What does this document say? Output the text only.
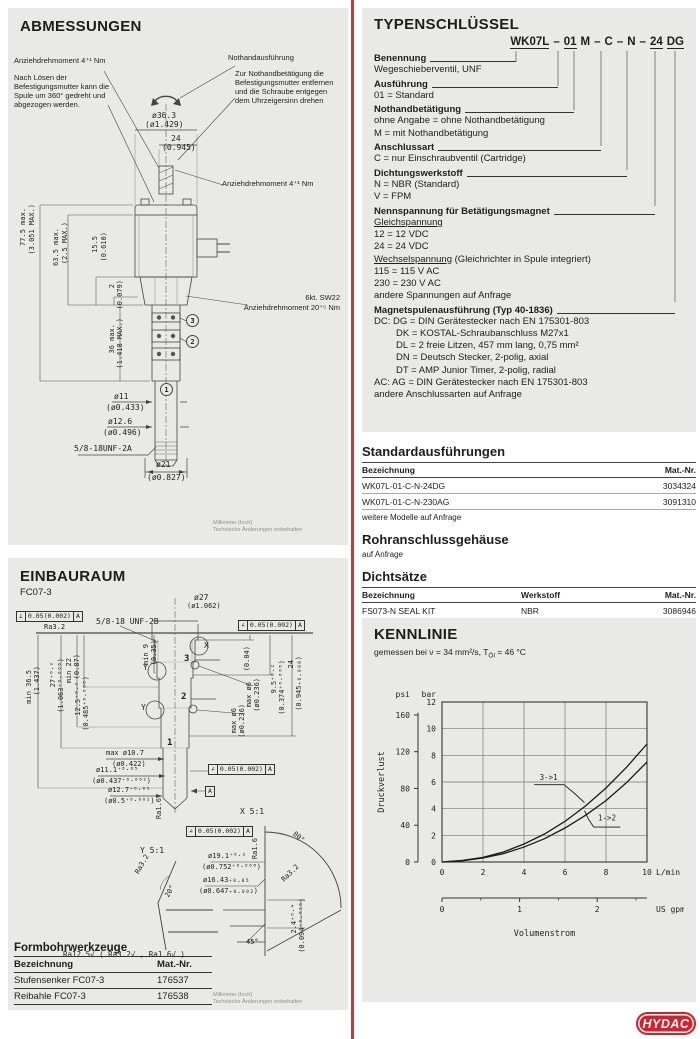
ABMESSUNGEN
Anziehdrehmoment 4⁺¹ Nm
Nach Lösen der Befestigungsmutter kann die Spule um 360° gedreht und abgezogen werden.
Nothandausführung
Zur Nothandbetätigung die Befestigungsmutter entfernen und die Schraube entgegen dem Uhrzeigersinn drehen
Anziehdrehmoment 4⁺¹ Nm
ø36.3
(ø1.429)
24
(0.945)
77.5 max. (3.051 MAX.) 63.5 max. (2.5 MAX.)	15.5 (0.610)
2 (0.079)
36 max. (1.418 MAX.)
6kt. SW22
Anziehdrehmoment 20⁺⁵ Nm
ø11
(ø0.433)
ø12.6
(ø0.496)
5/8-18UNF-2A
ø21
(ø0.827)
3
2
1
Millimeter (Inch)
Technische Änderungen vorbehalten
EINBAURAUM
FC07-3
⊥ 0.05(0.002) A
∠ 0.05(0.002) A
∠ 0.05(0.002) A
∠ 0.05(0.002) A
A
Ra3.2
5/8-18 UNF-2B
ø27
(ø1.062)
min 9 (0.35)
min 22 (0.87)
27⁺⁰·² (1.063⁺⁰·⁰⁰⁸)
min 36.5 (1.437)
12.5⁺⁰·² (0.485⁺⁰·⁰⁰⁸)
(0.04)
max ø6 (ø0.236)
max ø6 (ø0.236)
9.5⁺⁰·² (0.374⁺⁰·⁰⁰⁸) 24 (0.945₊₀.₀₀₈)
3
2
1
X
Y
Y
max ø10.7
(ø0.422)
ø11.1⁺⁰·⁰⁵
(ø0.437⁺⁰·⁰⁰²)
ø12.7⁺⁰·⁰⁵
(ø0.5⁺⁰·⁰⁰²) Ra1.6	X 5:1
Y 5:1
ø19.1⁺⁰·²
(ø0.752⁺⁰·⁰⁰⁸)
ø16.43₊₀.₀₅
(ø0.647₊₀.₀₀₂)
Ra1.6
80°
Ra3.2
45°
2.4⁺⁰·⁴ (0.094⁺⁰·⁰¹⁶)
Ra3.2
20°
Ra12.5√ ( Ra3.2√ , Ra1.6√ )
Formbohrwerkzeuge
Bezeichnung	Mat.-Nr.
Stufensenker FC07-3	176537
Reibahle FC07-3	176538	Millimeter (Inch)
Technische Änderungen vorbehalten
TYPENSCHLÜSSEL
WK07L – 01 M – C – N – 24 DG
Benennung
Wegeschieberventil, UNF
Ausführung
01 = Standard
Nothandbetätigung
ohne Angabe = ohne Nothandbetätigung
M = mit Nothandbetätigung
Anschlussart
C = nur Einschraubventil (Cartridge)
Dichtungswerkstoff
N = NBR (Standard)
V = FPM
Nennspannung für Betätigungsmagnet
Gleichspannung
12 = 12 VDC
24 = 24 VDC
Wechselspannung (Gleichrichter in Spule integriert)
115 = 115 V AC
230 = 230 V AC
andere Spannungen auf Anfrage
Magnetspulenausführung (Typ 40-1836)
DC: DG = DIN Gerätestecker nach EN 175301-803
DK = KOSTAL-Schraubanschluss M27x1
DL = 2 freie Litzen, 457 mm lang, 0,75 mm²
DN = Deutsch Stecker, 2-polig, axial
DT = AMP Junior Timer, 2-polig, radial
AC: AG = DIN Gerätestecker nach EN 175301-803
andere Anschlussarten auf Anfrage
Standardausführungen
Bezeichnung	Mat.-Nr.
WK07L-01-C-N-24DG	3034324
WK07L-01-C-N-230AG	3091310
weitere Modelle auf Anfrage
Rohranschlussgehäuse
auf Anfrage
Dichtsätze
Bezeichnung	Werkstoff	Mat.-Nr.
FS073-N SEAL KIT	NBR	3086946
KENNLINIE
gemessen bei ν = 34 mm²/s, $T_{Öl} = 46$ °C
0
2
4
6
8
10
12
bar
0
40
80
120
160
psi
0	2	4	6	8	10 L/min
0	1	2	US gpm
Volumenstrom
Druckverlust	3->1
1->2
HYDAC
